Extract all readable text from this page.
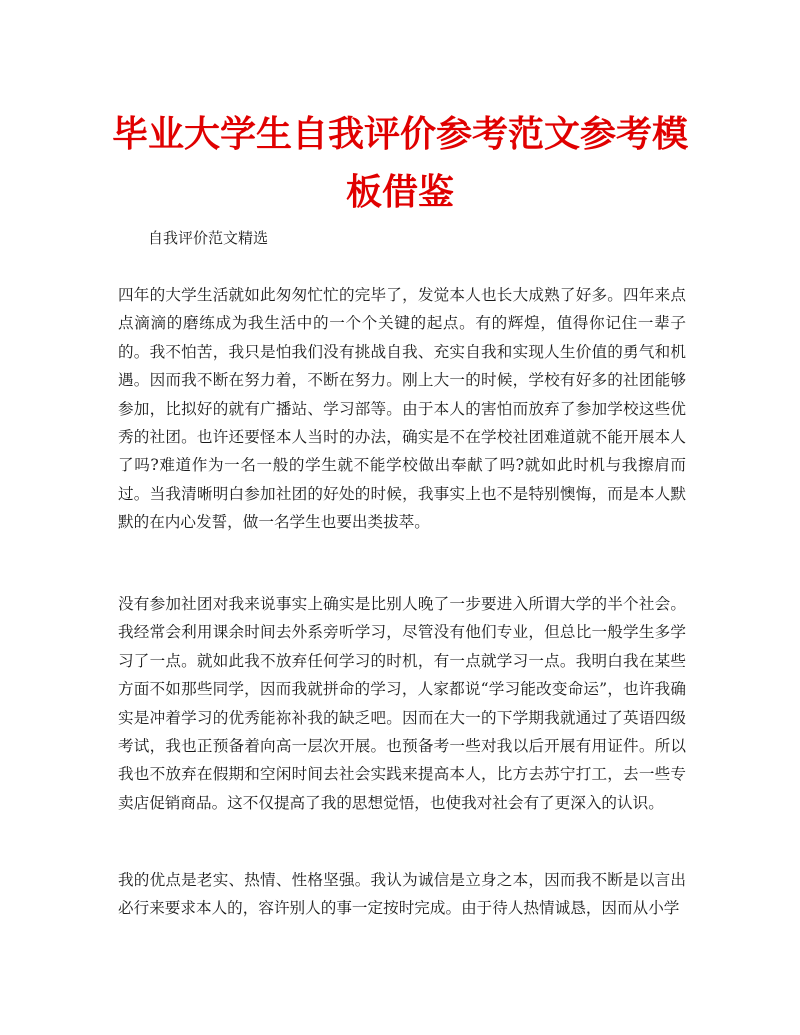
毕业大学生自我评价参考范文参考模板借鉴

自我评价范文精选

四年的大学生活就如此匆匆忙忙的完毕了，发觉本人也长大成熟了好多。四年来点点滴滴的磨练成为我生活中的一个个关键的起点。有的辉煌，值得你记住一辈子的。我不怕苦，我只是怕我们没有挑战自我、充实自我和实现人生价值的勇气和机遇。因而我不断在努力着，不断在努力。刚上大一的时候，学校有好多的社团能够参加，比拟好的就有广播站、学习部等。由于本人的害怕而放弃了参加学校这些优秀的社团。也许还要怪本人当时的办法，确实是不在学校社团难道就不能开展本人了吗?难道作为一名一般的学生就不能学校做出奉献了吗?就如此时机与我擦肩而过。当我清晰明白参加社团的好处的时候，我事实上也不是特别懊悔，而是本人默默的在内心发誓，做一名学生也要出类拔萃。

没有参加社团对我来说事实上确实是比别人晚了一步要进入所谓大学的半个社会。我经常会利用课余时间去外系旁听学习，尽管没有他们专业，但总比一般学生多学习了一点。就如此我不放弃任何学习的时机，有一点就学习一点。我明白我在某些方面不如那些同学，因而我就拼命的学习，人家都说“学习能改变命运”，也许我确实是冲着学习的优秀能祢补我的缺乏吧。因而在大一的下学期我就通过了英语四级考试，我也正预备着向高一层次开展。也预备考一些对我以后开展有用证件。所以我也不放弃在假期和空闲时间去社会实践来提高本人，比方去苏宁打工，去一些专卖店促销商品。这不仅提高了我的思想觉悟，也使我对社会有了更深入的认识。

我的优点是老实、热情、性格坚强。我认为诚信是立身之本，因而我不断是以言出必行来要求本人的，容许别人的事一定按时完成。由于待人热情诚恳，因而从小学
